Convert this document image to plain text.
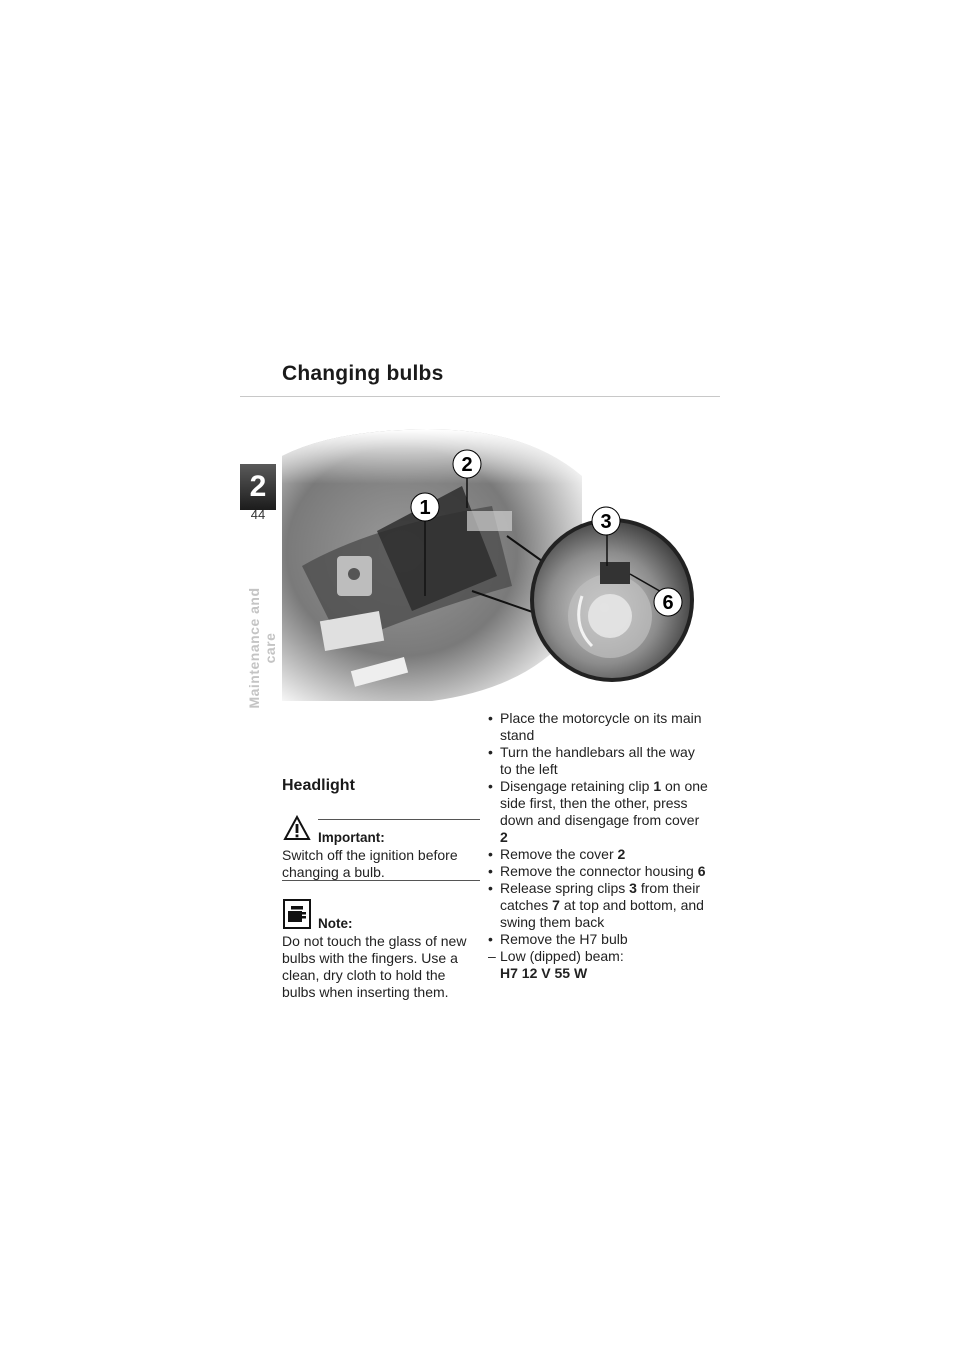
Changing bulbs
2
44
Maintenance and care
2
1
3
6
Headlight
Important:
Switch off the ignition before changing a bulb.
Note:
Do not touch the glass of new bulbs with the fingers. Use a clean, dry cloth to hold the bulbs when inserting them.
• Place the motorcycle on its main stand
• Turn the handlebars all the way to the left
• Disengage retaining clip 1 on one side first, then the other, press down and disengage from cover 2
• Remove the cover 2
• Remove the connector housing 6
• Release spring clips 3 from their catches 7 at top and bottom, and swing them back
• Remove the H7 bulb
– Low (dipped) beam:
H7 12 V 55 W
